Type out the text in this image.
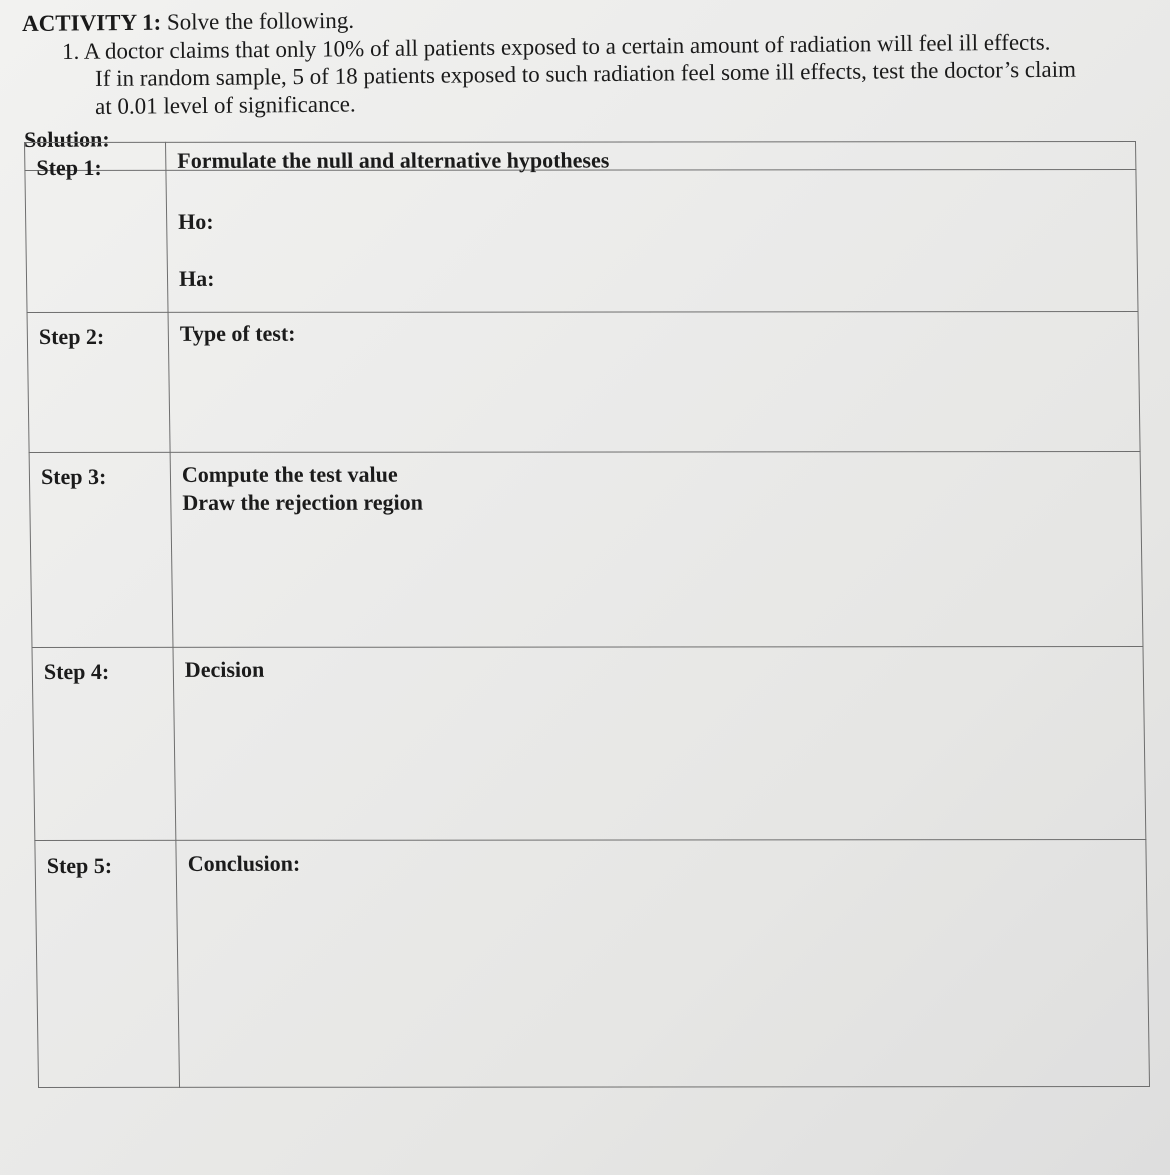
ACTIVITY 1: Solve the following.
1. A doctor claims that only 10% of all patients exposed to a certain amount of radiation will feel ill effects.
If in random sample, 5 of 18 patients exposed to such radiation feel some ill effects, test the doctor’s claim
at 0.01 level of significance.
Solution:
Step 1:	Formulate the null and alternative hypotheses
Ho:
Ha:
Step 2:	Type of test:
Step 3:	Compute the test value
Draw the rejection region
Step 4:	Decision
Step 5:	Conclusion:
